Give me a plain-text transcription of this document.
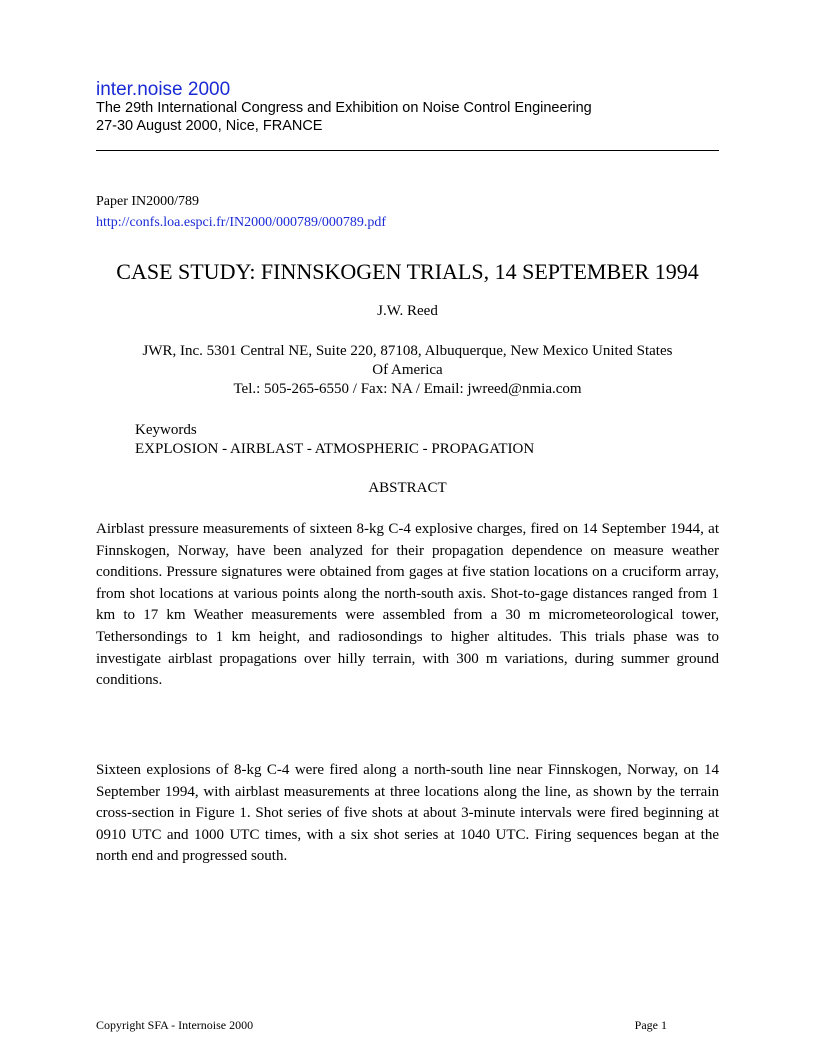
inter.noise 2000
The 29th International Congress and Exhibition on Noise Control Engineering
27-30 August 2000, Nice, FRANCE
Paper IN2000/789
http://confs.loa.espci.fr/IN2000/000789/000789.pdf
CASE STUDY: FINNSKOGEN TRIALS, 14 SEPTEMBER 1994
J.W. Reed
JWR, Inc. 5301 Central NE, Suite 220, 87108, Albuquerque, New Mexico United States
Of America
Tel.: 505-265-6550 / Fax: NA / Email: jwreed@nmia.com
Keywords
EXPLOSION - AIRBLAST - ATMOSPHERIC - PROPAGATION
ABSTRACT

Airblast pressure measurements of sixteen 8-kg C-4 explosive charges, fired on 14 September 1944, at Finnskogen, Norway, have been analyzed for their propagation dependence on measure weather conditions. Pressure signatures were obtained from gages at five station locations on a cruciform array, from shot locations at various points along the north-south axis. Shot-to-gage distances ranged from 1 km to 17 km Weather measurements were assembled from a 30 m micrometeorological tower, Tethersondings to 1 km height, and radiosondings to higher altitudes. This trials phase was to investigate airblast propagations over hilly terrain, with 300 m variations, during summer ground conditions.

Sixteen explosions of 8-kg C-4 were fired along a north-south line near Finnskogen, Norway, on 14 September 1994, with airblast measurements at three locations along the line, as shown by the terrain cross-section in Figure 1. Shot series of five shots at about 3-minute intervals were fired beginning at 0910 UTC and 1000 UTC times, with a six shot series at 1040 UTC. Firing sequences began at the north end and progressed south.

Copyright SFA - Internoise 2000	Page 1
